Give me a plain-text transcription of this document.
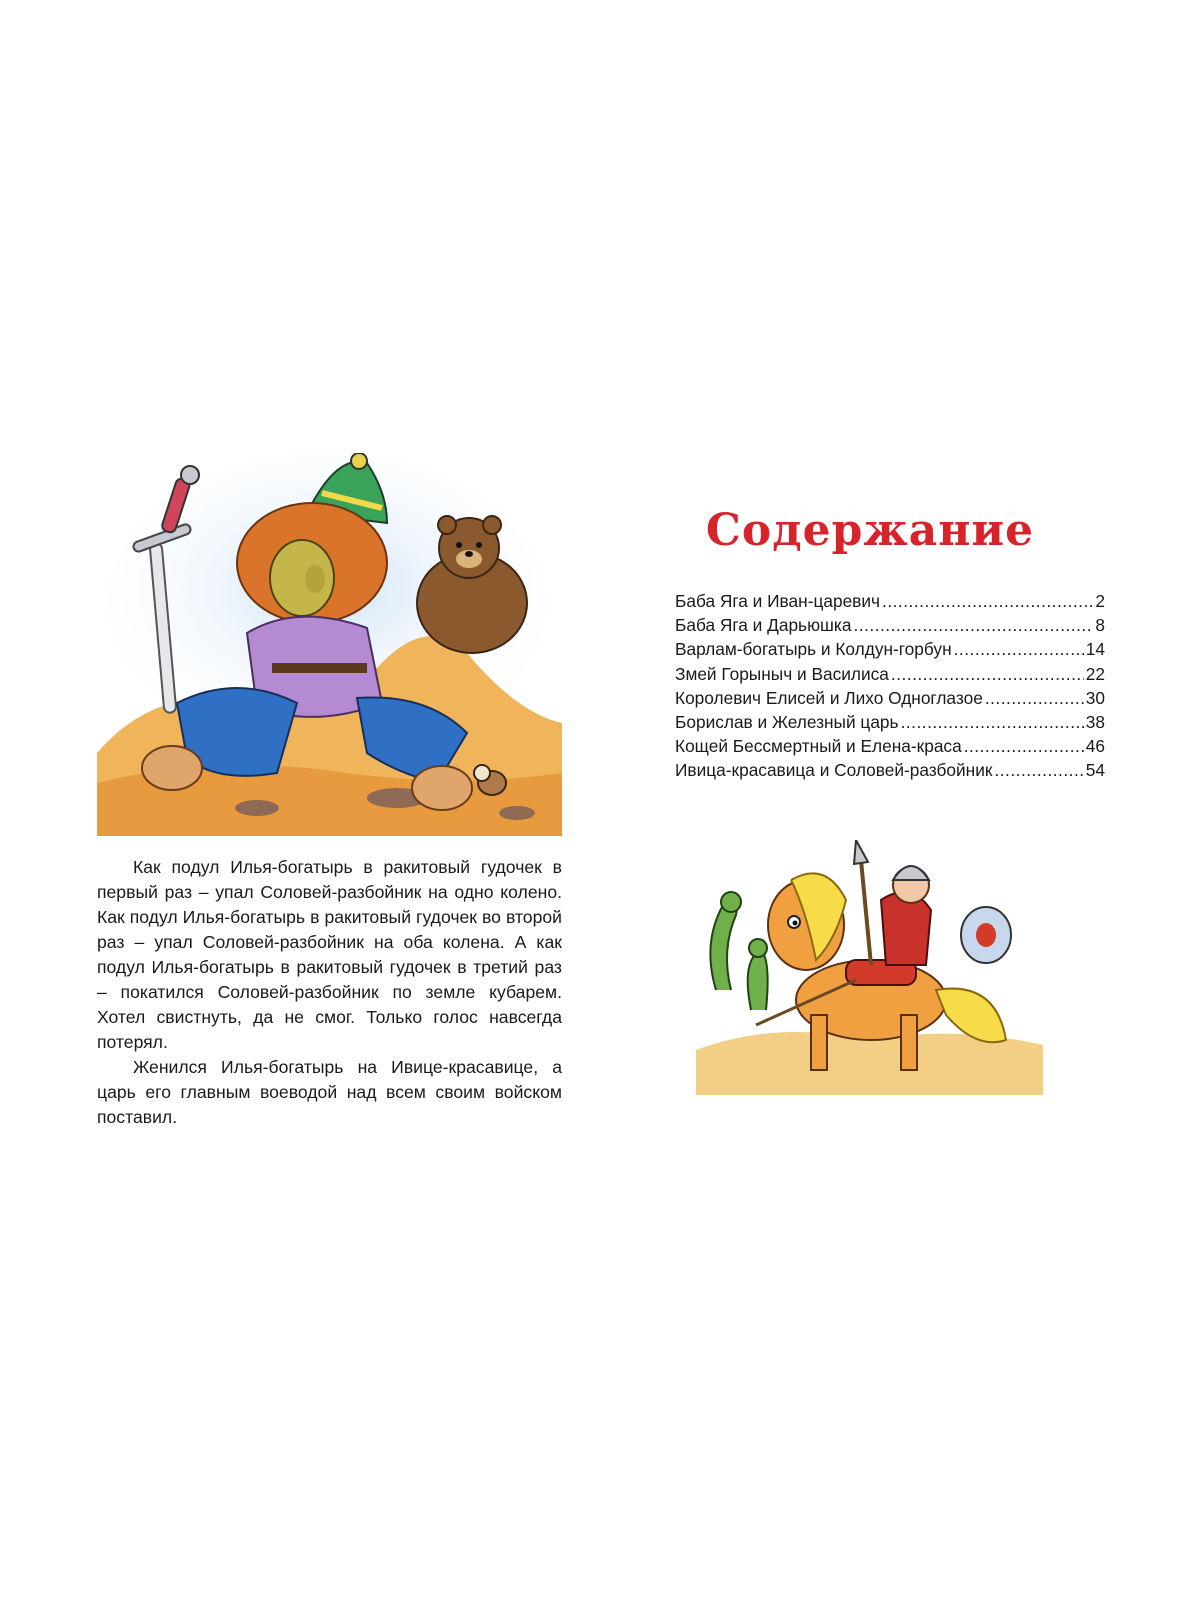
Как подул Илья-богатырь в ракитовый гудочек в первый раз – упал Соловей-разбойник на одно колено. Как подул Илья-богатырь в ракитовый гудочек во второй раз – упал Соловей-разбойник на оба колена. А как подул Илья-богатырь в ракитовый гудочек в третий раз – покатился Соловей-разбойник по земле кубарем. Хотел свистнуть, да не смог. Только голос навсегда потерял.

Женился Илья-богатырь на Ивице-красавице, а царь его главным воеводой над всем своим войском поставил.

Содержание
Баба Яга и Иван-царевич .....	2
Баба Яга и Дарьюшка .....	8
Варлам-богатырь и Колдун-горбун .....	14
Змей Горыныч и Василиса .....	22
Королевич Елисей и Лихо Одноглазое .....	30
Борислав и Железный царь .....	38
Кощей Бессмертный и Елена-краса .....	46
Ивица-красавица и Соловей-разбойник .....	54
